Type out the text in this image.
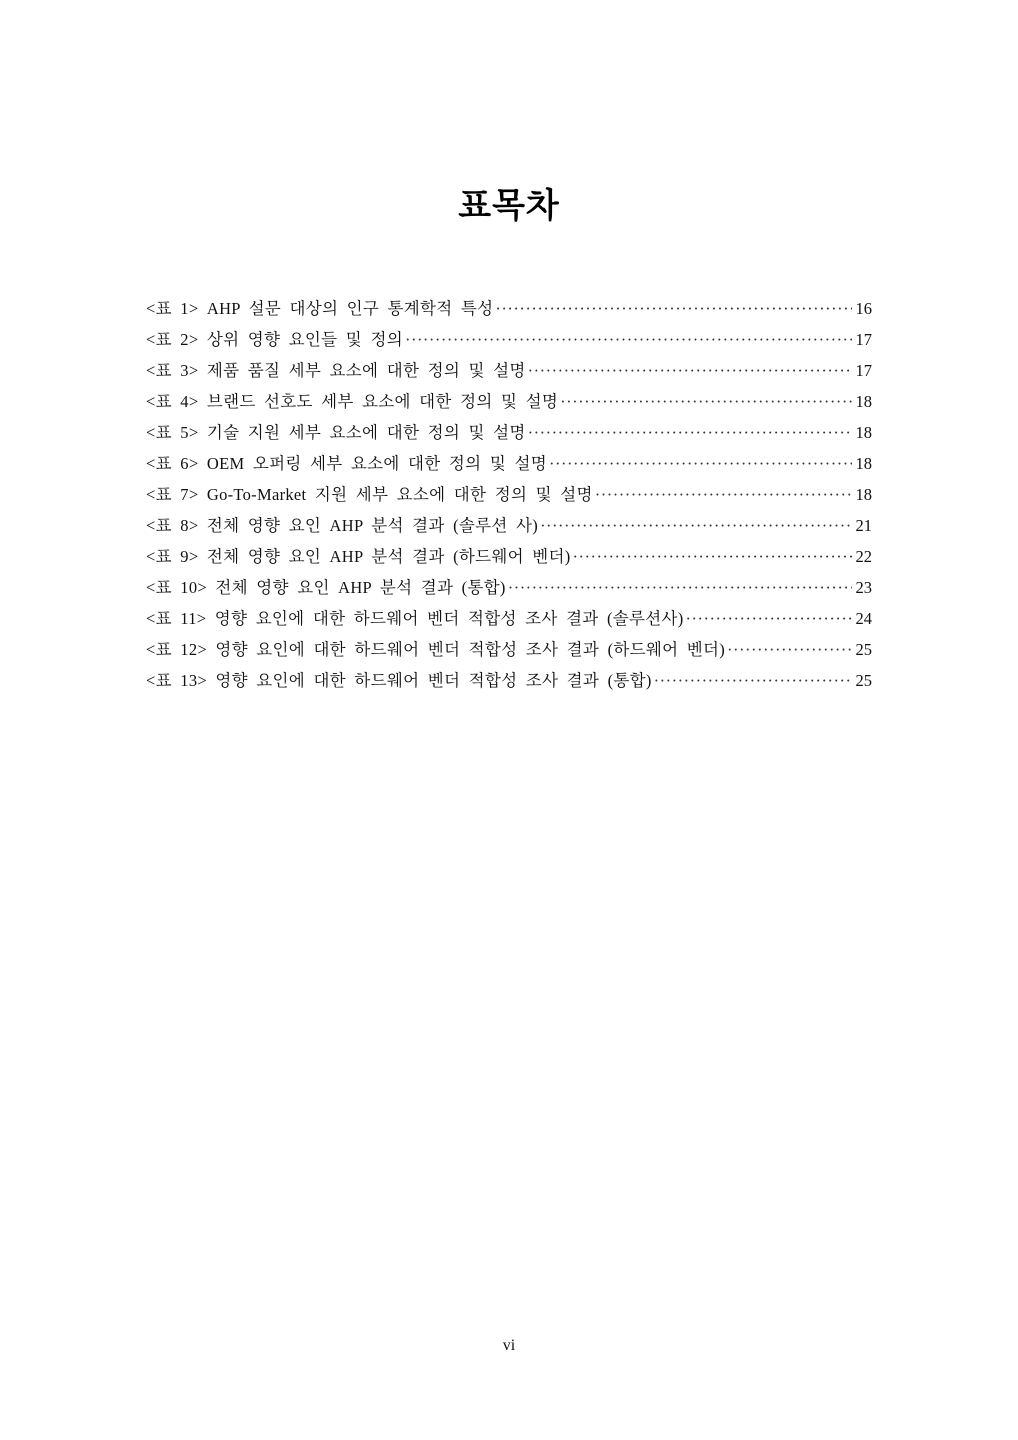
표목차
<표 1> AHP 설문 대상의 인구 통계학적 특성 ·····	16
<표 2> 상위 영향 요인들 및 정의 ·····	17
<표 3> 제품 품질 세부 요소에 대한 정의 및 설명 ·····	17
<표 4> 브랜드 선호도 세부 요소에 대한 정의 및 설명 ·····	18
<표 5> 기술 지원 세부 요소에 대한 정의 및 설명 ·····	18
<표 6> OEM 오퍼링 세부 요소에 대한 정의 및 설명 ·····	18
<표 7> Go-To-Market 지원 세부 요소에 대한 정의 및 설명 ·····	18
<표 8> 전체 영향 요인 AHP 분석 결과 (솔루션 사) ·····	21
<표 9> 전체 영향 요인 AHP 분석 결과 (하드웨어 벤더) ·····	22
<표 10> 전체 영향 요인 AHP 분석 결과 (통합) ·····	23
<표 11> 영향 요인에 대한 하드웨어 벤더 적합성 조사 결과 (솔루션사) ·····	24
<표 12> 영향 요인에 대한 하드웨어 벤더 적합성 조사 결과 (하드웨어 벤더) ·····	25
<표 13> 영향 요인에 대한 하드웨어 벤더 적합성 조사 결과 (통합) ·····	25
vi
